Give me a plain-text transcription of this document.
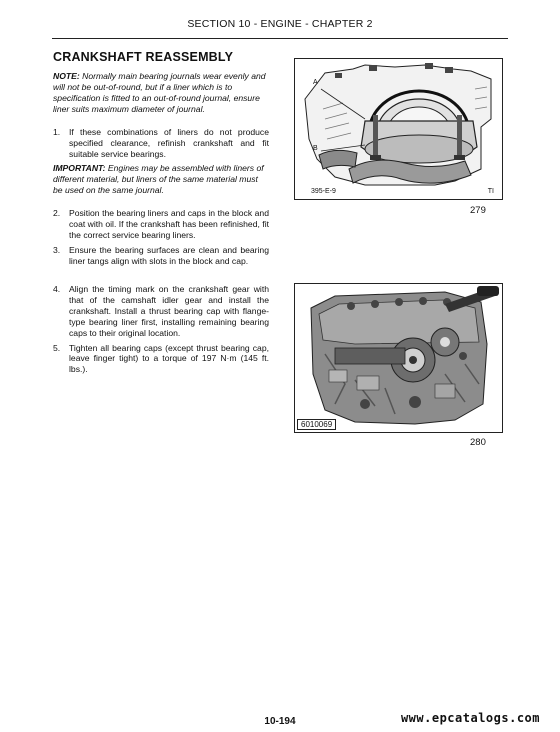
SECTION 10 - ENGINE - CHAPTER 2
CRANKSHAFT REASSEMBLY
NOTE: Normally main bearing journals wear evenly and will not be out-of-round, but if a liner which is to specification is fitted to an out-of-round journal, ensure liner suits maximum diameter of journal.
1. If these combinations of liners do not produce specified clearance, refinish crankshaft and fit suitable service bearings.
IMPORTANT: Engines may be assembled with liners of different material, but liners of the same material must be used on the same journal.
2. Position the bearing liners and caps in the block and coat with oil. If the crankshaft has been refinished, fit the correct service bearing liners.
3. Ensure the bearing surfaces are clean and bearing liner tangs align with slots in the block and cap.
4. Align the timing mark on the crankshaft gear with that of the camshaft idler gear and install the crankshaft. Install a thrust bearing cap with flange-type bearing liner first, installing remaining bearing caps to their original location.
5. Tighten all bearing caps (except thrust bearing cap, leave finger tight) to a torque of 197 N·m (145 ft. lbs.).
395-E-9	TI
A
B
279
6010069
280
10-194	www.epcatalogs.com
